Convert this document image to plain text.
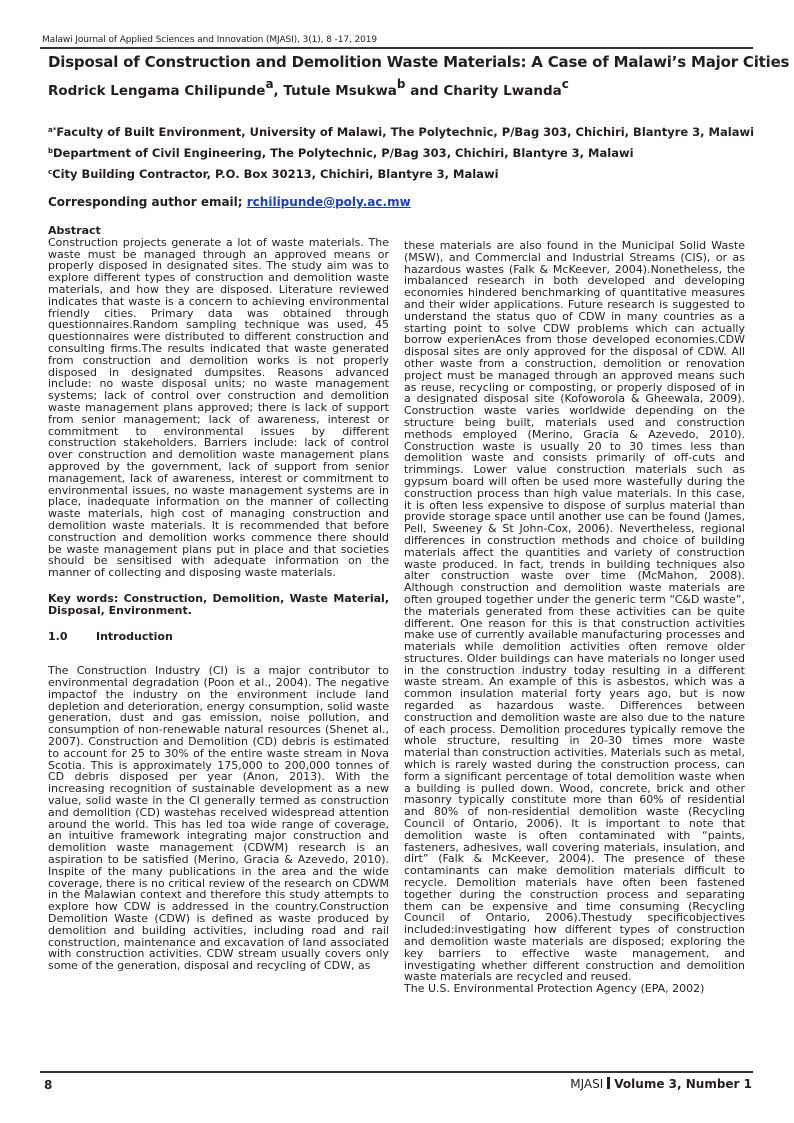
Malawi Journal of Applied Sciences and Innovation (MJASI), 3(1), 8 -17, 2019
Disposal of Construction and Demolition Waste Materials: A Case of Malawi’s Major Cities
Rodrick Lengama Chilipunde$^a$, Tutule Msukwa$^b$ and Charity Lwanda$^c$
$^{a*}$Faculty of Built Environment, University of Malawi, The Polytechnic, P/Bag 303, Chichiri, Blantyre 3, Malawi
$^b$Department of Civil Engineering, The Polytechnic, P/Bag 303, Chichiri, Blantyre 3, Malawi
$^c$City Building Contractor, P.O. Box 30213, Chichiri, Blantyre 3, Malawi
Corresponding author email; rchilipunde@poly.ac.mw

Abstract

Construction projects generate a lot of waste materials. The waste must be managed through an approved means or properly disposed in designated sites. The study aim was to explore different types of construction and demolition waste materials, and how they are disposed. Literature reviewed indicates that waste is a concern to achieving environmental friendly cities. Primary data was obtained through questionnaires.Random sampling technique was used, 45 questionnaires were distributed to different construction and consulting firms.The results indicated that waste generated from construction and demolition works is not properly disposed in designated dumpsites. Reasons advanced include: no waste disposal units; no waste management systems; lack of control over construction and demolition waste management plans approved; there is lack of support from senior management; lack of awareness, interest or commitment to environmental issues by different construction stakeholders. Barriers include: lack of control over construction and demolition waste management plans approved by the government, lack of support from senior management, lack of awareness, interest or commitment to environmental issues, no waste management systems are in place, inadequate information on the manner of collecting waste materials, high cost of managing construction and demolition waste materials. It is recommended that before construction and demolition works commence there should be waste management plans put in place and that societies should be sensitised with adequate information on the manner of collecting and disposing waste materials.

Key words: Construction, Demolition, Waste Material, Disposal, Environment.

1.0	Introduction

The Construction Industry (CI) is a major contributor to environmental degradation (Poon et al., 2004). The negative impactof the industry on the environment include land depletion and deterioration, energy consumption, solid waste generation, dust and gas emission, noise pollution, and consumption of non-renewable natural resources (Shenet al., 2007). Construction and Demolition (CD) debris is estimated to account for 25 to 30% of the entire waste stream in Nova Scotia. This is approximately 175,000 to 200,000 tonnes of CD debris disposed per year (Anon, 2013). With the increasing recognition of sustainable development as a new value, solid waste in the CI generally termed as construction and demolition (CD) wastehas received widespread attention around the world. This has led toa wide range of coverage, an intuitive framework integrating major construction and demolition waste management (CDWM) research is an aspiration to be satisfied (Merino, Gracia & Azevedo, 2010). Inspite of the many publications in the area and the wide coverage, there is no critical review of the research on CDWM in the Malawian context and therefore this study attempts to explore how CDW is addressed in the country.Construction Demolition Waste (CDW) is defined as waste produced by demolition and building activities, including road and rail construction, maintenance and excavation of land associated with construction activities. CDW stream usually covers only some of the generation, disposal and recycling of CDW, as

these materials are also found in the Municipal Solid Waste (MSW), and Commercial and Industrial Streams (CIS), or as hazardous wastes (Falk & McKeever, 2004).Nonetheless, the imbalanced research in both developed and developing economies hindered benchmarking of quantitative measures and their wider applications. Future research is suggested to understand the status quo of CDW in many countries as a starting point to solve CDW problems which can actually borrow experienAces from those developed economies.CDW disposal sites are only approved for the disposal of CDW. All other waste from a construction, demolition or renovation project must be managed through an approved means such as reuse, recycling or composting, or properly disposed of in a designated disposal site (Kofoworola & Gheewala, 2009). Construction waste varies worldwide depending on the structure being built, materials used and construction methods employed (Merino, Gracia & Azevedo, 2010). Construction waste is usually 20 to 30 times less than demolition waste and consists primarily of off-cuts and trimmings. Lower value construction materials such as gypsum board will often be used more wastefully during the construction process than high value materials. In this case, it is often less expensive to dispose of surplus material than provide storage space until another use can be found (James, Pell, Sweeney & St John-Cox, 2006). Nevertheless, regional differences in construction methods and choice of building materials affect the quantities and variety of construction waste produced. In fact, trends in building techniques also alter construction waste over time (McMahon, 2008). Although construction and demolition waste materials are often grouped together under the generic term “C&D waste”, the materials generated from these activities can be quite different. One reason for this is that construction activities make use of currently available manufacturing processes and materials while demolition activities often remove older structures. Older buildings can have materials no longer used in the construction industry today resulting in a different waste stream. An example of this is asbestos, which was a common insulation material forty years ago, but is now regarded as hazardous waste. Differences between construction and demolition waste are also due to the nature of each process. Demolition procedures typically remove the whole structure, resulting in 20-30 times more waste material than construction activities. Materials such as metal, which is rarely wasted during the construction process, can form a significant percentage of total demolition waste when a building is pulled down. Wood, concrete, brick and other masonry typically constitute more than 60% of residential and 80% of non-residential demolition waste (Recycling Council of Ontario, 2006). It is important to note that demolition waste is often contaminated with “paints, fasteners, adhesives, wall covering materials, insulation, and dirt” (Falk & McKeever, 2004). The presence of these contaminants can make demolition materials difficult to recycle. Demolition materials have often been fastened together during the construction process and separating them can be expensive and time consuming (Recycling Council of Ontario, 2006).Thestudy specificobjectives included:investigating how different types of construction and demolition waste materials are disposed; exploring the key barriers to effective waste management, and investigating whether different construction and demolition waste materials are recycled and reused.

The U.S. Environmental Protection Agency (EPA, 2002)

8	MJASI Volume 3, Number 1
